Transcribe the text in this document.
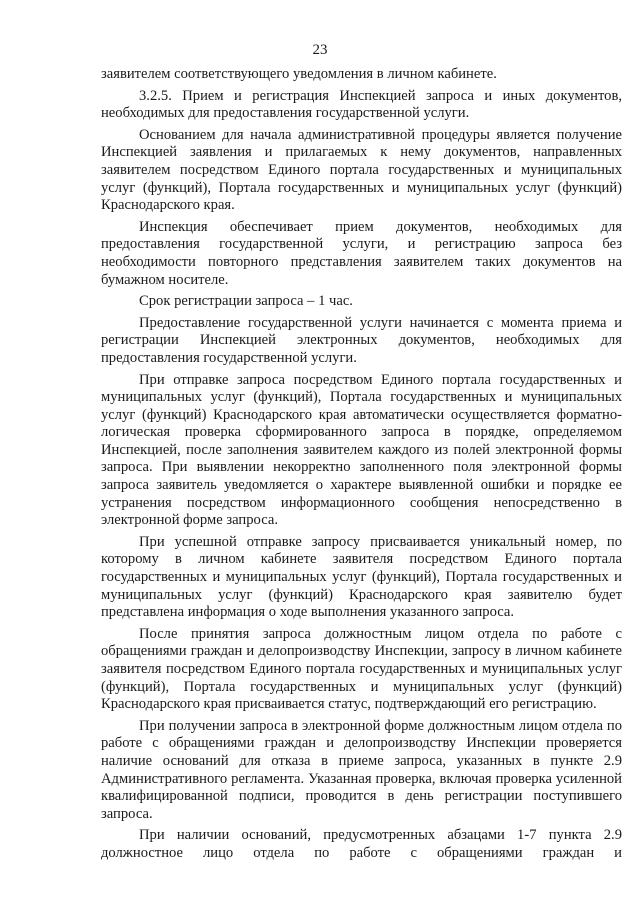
23

заявителем соответствующего уведомления в личном кабинете.

3.2.5. Прием и регистрация Инспекцией запроса и иных документов, необходимых для предоставления государственной услуги.

Основанием для начала административной процедуры является получение Инспекцией заявления и прилагаемых к нему документов, направленных заявителем посредством Единого портала государственных и муниципальных услуг (функций), Портала государственных и муниципальных услуг (функций) Краснодарского края.

Инспекция обеспечивает прием документов, необходимых для предоставления государственной услуги, и регистрацию запроса без необходимости повторного представления заявителем таких документов на бумажном носителе.

Срок регистрации запроса – 1 час.

Предоставление государственной услуги начинается с момента приема и регистрации Инспекцией электронных документов, необходимых для предоставления государственной услуги.

При отправке запроса посредством Единого портала государственных и муниципальных услуг (функций), Портала государственных и муниципальных услуг (функций) Краснодарского края автоматически осуществляется форматно-логическая проверка сформированного запроса в порядке, определяемом Инспекцией, после заполнения заявителем каждого из полей электронной формы запроса. При выявлении некорректно заполненного поля электронной формы запроса заявитель уведомляется о характере выявленной ошибки и порядке ее устранения посредством информационного сообщения непосредственно в электронной форме запроса.

При успешной отправке запросу присваивается уникальный номер, по которому в личном кабинете заявителя посредством Единого портала государственных и муниципальных услуг (функций), Портала государственных и муниципальных услуг (функций) Краснодарского края заявителю будет представлена информация о ходе выполнения указанного запроса.

После принятия запроса должностным лицом отдела по работе с обращениями граждан и делопроизводству Инспекции, запросу в личном кабинете заявителя посредством Единого портала государственных и муниципальных услуг (функций), Портала государственных и муниципальных услуг (функций) Краснодарского края присваивается статус, подтверждающий его регистрацию.

При получении запроса в электронной форме должностным лицом отдела по работе с обращениями граждан и делопроизводству Инспекции проверяется наличие оснований для отказа в приеме запроса, указанных в пункте 2.9 Административного регламента. Указанная проверка, включая проверка усиленной квалифицированной подписи, проводится в день регистрации поступившего запроса.

При наличии оснований, предусмотренных абзацами 1-7 пункта 2.9 должностное лицо отдела по работе с обращениями граждан и
